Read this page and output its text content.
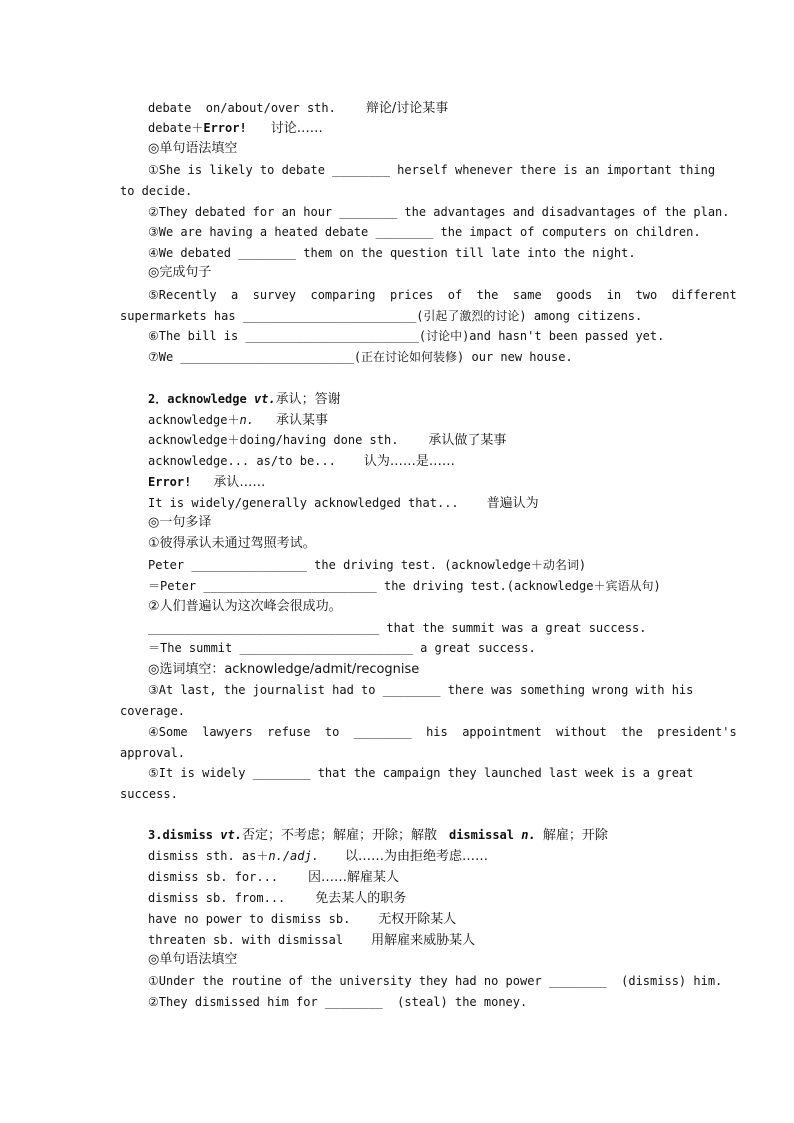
debate  on/about/over sth. 辩论/讨论某事
debate＋Error! 讨论……
◎单句语法填空
①She is likely to debate ________ herself whenever there is an important thing
to decide.
②They debated for an hour ________ the advantages and disadvantages of the plan.
③We are having a heated debate ________ the impact of computers on children.
④We debated ________ them on the question till late into the night.
◎完成句子
⑤Recently  a  survey  comparing  prices  of  the  same  goods  in  two  different
supermarkets has ________________________(引起了激烈的讨论) among citizens.
⑥The bill is ________________________(讨论中)and hasn't been passed yet.
⑦We ________________________(正在讨论如何装修) our new house.
2．acknowledge vt.承认；答谢
acknowledge＋n. 承认某事
acknowledge＋doing/having done sth. 承认做了某事
acknowledge... as/to be... 认为……是……
Error! 承认……
It is widely/generally acknowledged that... 普遍认为
◎一句多译
①彼得承认未通过驾照考试。
Peter ________________ the driving test. (acknowledge＋动名词)
＝Peter ________________________ the driving test.(acknowledge＋宾语从句)
②人们普遍认为这次峰会很成功。
________________________________ that the summit was a great success.
＝The summit ________________________ a great success.
◎选词填空：acknowledge/admit/recognise
③At last, the journalist had to ________ there was something wrong with his
coverage.
④Some  lawyers  refuse  to  ________  his  appointment  without  the  president's
approval.
⑤It is widely ________ that the campaign they launched last week is a great
success.
3.dismiss vt.否定；不考虑；解雇；开除；解散 dismissal n. 解雇；开除
dismiss sth. as＋n./adj. 以……为由拒绝考虑……
dismiss sb. for... 因……解雇某人
dismiss sb. from... 免去某人的职务
have no power to dismiss sb. 无权开除某人
threaten sb. with dismissal 用解雇来威胁某人
◎单句语法填空
①Under the routine of the university they had no power ________  (dismiss) him.
②They dismissed him for ________  (steal) the money.
